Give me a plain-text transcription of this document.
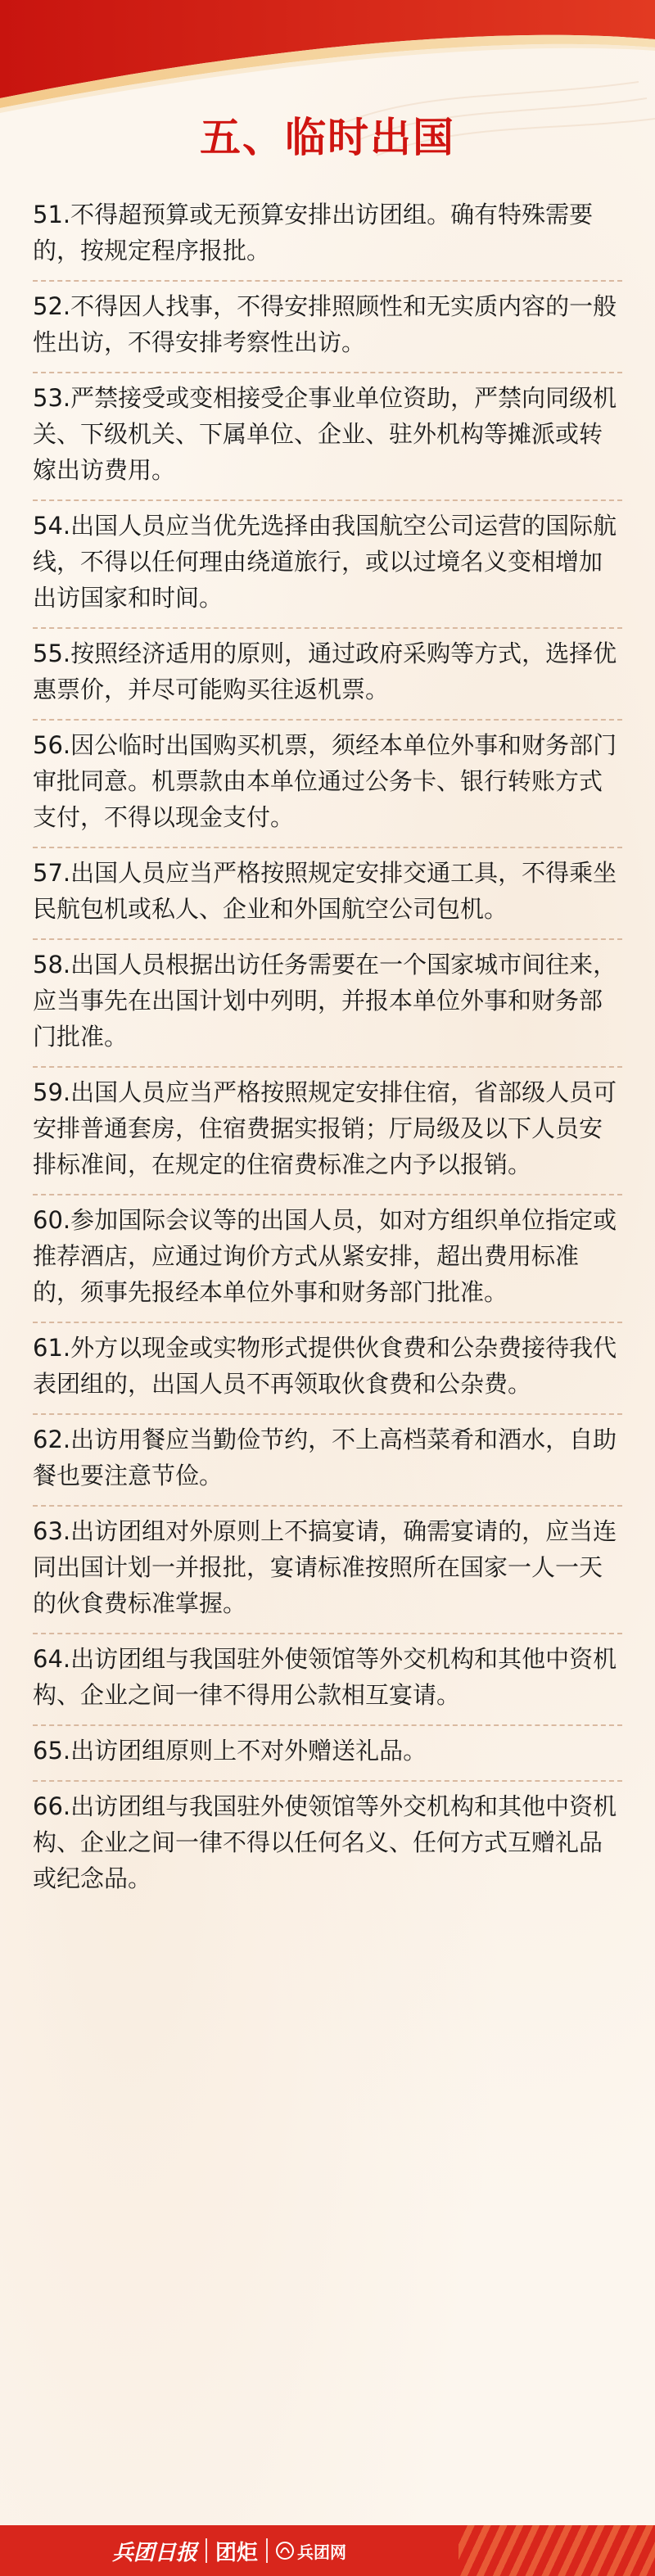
五、临时出国
51.不得超预算或无预算安排出访团组。确有特殊需要的，按规定程序报批。
52.不得因人找事，不得安排照顾性和无实质内容的一般性出访，不得安排考察性出访。
53.严禁接受或变相接受企事业单位资助，严禁向同级机关、下级机关、下属单位、企业、驻外机构等摊派或转嫁出访费用。
54.出国人员应当优先选择由我国航空公司运营的国际航线，不得以任何理由绕道旅行，或以过境名义变相增加出访国家和时间。
55.按照经济适用的原则，通过政府采购等方式，选择优惠票价，并尽可能购买往返机票。
56.因公临时出国购买机票，须经本单位外事和财务部门审批同意。机票款由本单位通过公务卡、银行转账方式支付，不得以现金支付。
57.出国人员应当严格按照规定安排交通工具，不得乘坐民航包机或私人、企业和外国航空公司包机。
58.出国人员根据出访任务需要在一个国家城市间往来，应当事先在出国计划中列明，并报本单位外事和财务部门批准。
59.出国人员应当严格按照规定安排住宿，省部级人员可安排普通套房，住宿费据实报销；厅局级及以下人员安排标准间，在规定的住宿费标准之内予以报销。
60.参加国际会议等的出国人员，如对方组织单位指定或推荐酒店，应通过询价方式从紧安排，超出费用标准的，须事先报经本单位外事和财务部门批准。
61.外方以现金或实物形式提供伙食费和公杂费接待我代表团组的，出国人员不再领取伙食费和公杂费。
62.出访用餐应当勤俭节约，不上高档菜肴和酒水，自助餐也要注意节俭。
63.出访团组对外原则上不搞宴请，确需宴请的，应当连同出国计划一并报批，宴请标准按照所在国家一人一天的伙食费标准掌握。
64.出访团组与我国驻外使领馆等外交机构和其他中资机构、企业之间一律不得用公款相互宴请。
65.出访团组原则上不对外赠送礼品。
66.出访团组与我国驻外使领馆等外交机构和其他中资机构、企业之间一律不得以任何名义、任何方式互赠礼品或纪念品。
兵团日报 团炬 兵团网
